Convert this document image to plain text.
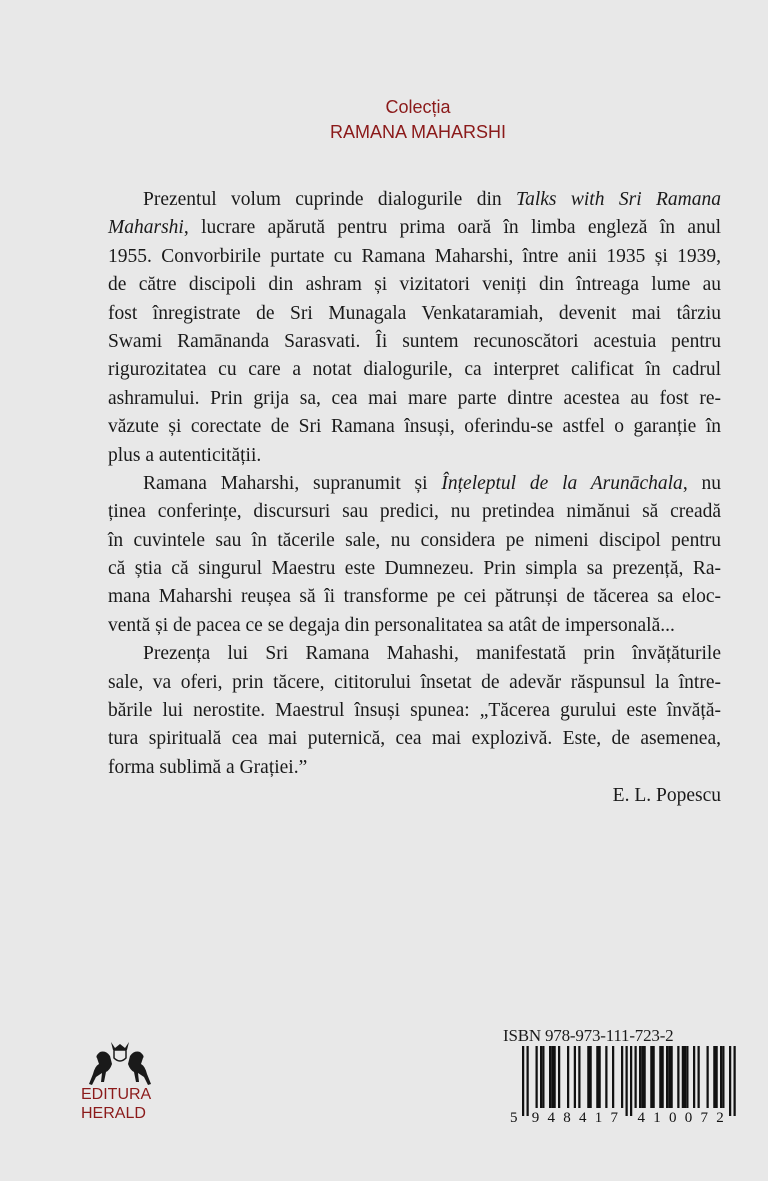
Colecția
RAMANA MAHARSHI
Prezentul volum cuprinde dialogurile din Talks with Sri Ramana
Maharshi, lucrare apărută pentru prima oară în limba engleză în anul
1955. Convorbirile purtate cu Ramana Maharshi, între anii 1935 și 1939,
de către discipoli din ashram și vizitatori veniți din întreaga lume au
fost înregistrate de Sri Munagala Venkataramiah, devenit mai târziu
Swami Ramānanda Sarasvati. Îi suntem recunoscători acestuia pentru
rigurozitatea cu care a notat dialogurile, ca interpret calificat în cadrul
ashramului. Prin grija sa, cea mai mare parte dintre acestea au fost re-
văzute și corectate de Sri Ramana însuși, oferindu-se astfel o garanție în
plus a autenticității.
Ramana Maharshi, supranumit și Înțeleptul de la Arunāchala, nu
ținea conferințe, discursuri sau predici, nu pretindea nimănui să creadă
în cuvintele sau în tăcerile sale, nu considera pe nimeni discipol pentru
că știa că singurul Maestru este Dumnezeu. Prin simpla sa prezență, Ra-
mana Maharshi reușea să îi transforme pe cei pătrunși de tăcerea sa eloc-
ventă și de pacea ce se degaja din personalitatea sa atât de impersonală...
Prezența lui Sri Ramana Mahashi, manifestată prin învățăturile
sale, va oferi, prin tăcere, cititorului însetat de adevăr răspunsul la între-
bările lui nerostite. Maestrul însuși spunea: „Tăcerea gurului este învăță-
tura spirituală cea mai puternică, cea mai explozivă. Este, de asemenea,
forma sublimă a Grației.”
E. L. Popescu
EDITURA
HERALD
ISBN 978-973-111-723-2
5 9 4 8 4 1 7 4 1 0 0 7 2
